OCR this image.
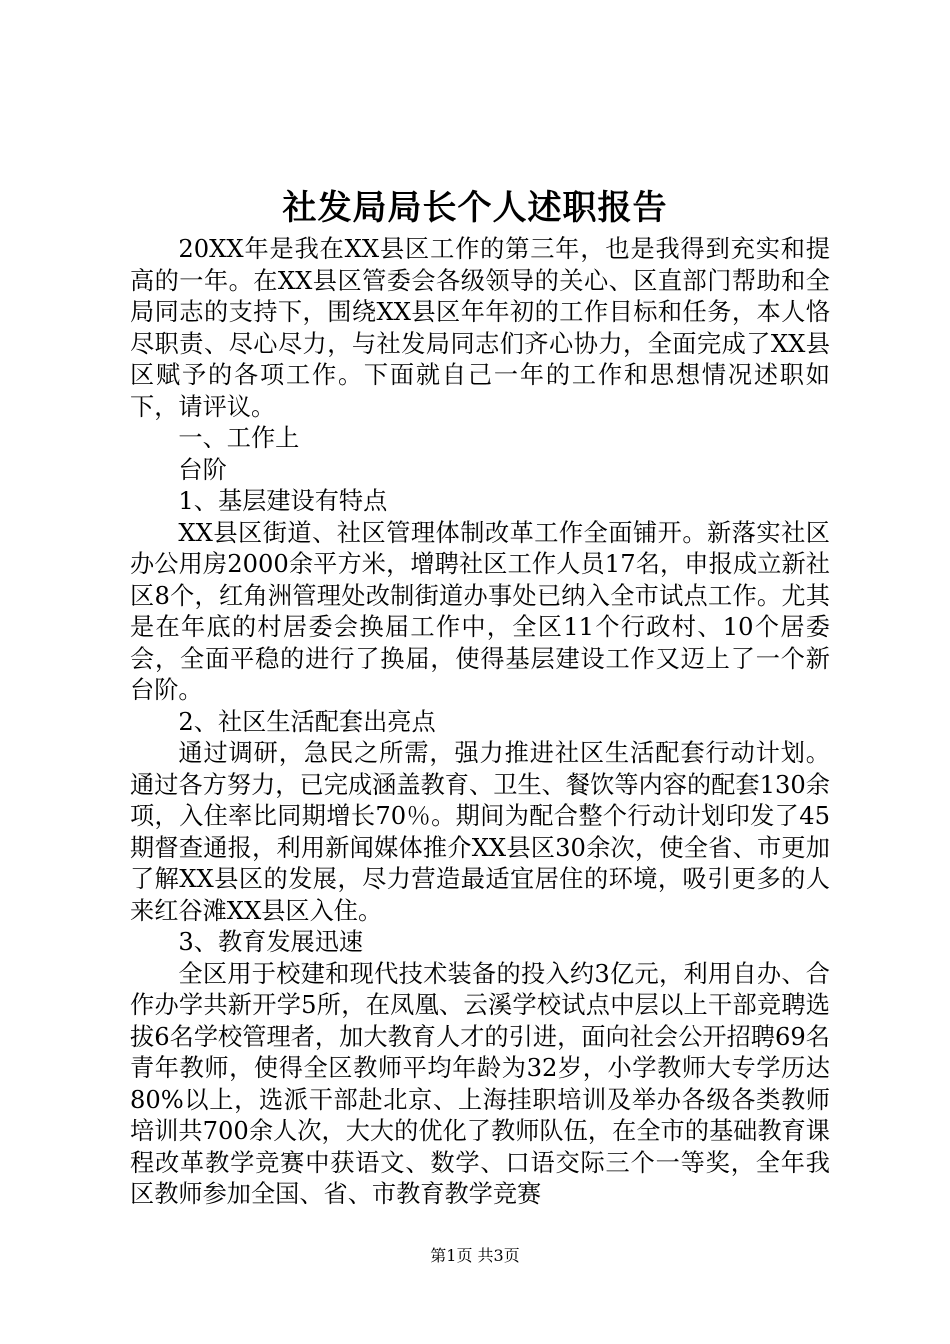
社发局局长个人述职报告

20XX年是我在XX县区工作的第三年，也是我得到充实和提高的一年。在XX县区管委会各级领导的关心、区直部门帮助和全局同志的支持下，围绕XX县区年年初的工作目标和任务，本人恪尽职责、尽心尽力，与社发局同志们齐心协力，全面完成了XX县区赋予的各项工作。下面就自己一年的工作和思想情况述职如下，请评议。

一、工作上

台阶

1、基层建设有特点

XX县区街道、社区管理体制改革工作全面铺开。新落实社区办公用房2000余平方米，增聘社区工作人员17名，申报成立新社区8个，红角洲管理处改制街道办事处已纳入全市试点工作。尤其是在年底的村居委会换届工作中，全区11个行政村、10个居委会，全面平稳的进行了换届，使得基层建设工作又迈上了一个新台阶。

2、社区生活配套出亮点

通过调研，急民之所需，强力推进社区生活配套行动计划。通过各方努力，已完成涵盖教育、卫生、餐饮等内容的配套130余项，入住率比同期增长70％。期间为配合整个行动计划印发了45期督查通报，利用新闻媒体推介XX县区30余次，使全省、市更加了解XX县区的发展，尽力营造最适宜居住的环境，吸引更多的人来红谷滩XX县区入住。

3、教育发展迅速

全区用于校建和现代技术装备的投入约3亿元，利用自办、合作办学共新开学5所，在凤凰、云溪学校试点中层以上干部竞聘选拔6名学校管理者，加大教育人才的引进，面向社会公开招聘69名青年教师，使得全区教师平均年龄为32岁，小学教师大专学历达80%以上，选派干部赴北京、上海挂职培训及举办各级各类教师培训共700余人次，大大的优化了教师队伍，在全市的基础教育课程改革教学竞赛中获语文、数学、口语交际三个一等奖，全年我区教师参加全国、省、市教育教学竞赛

第1页 共3页
